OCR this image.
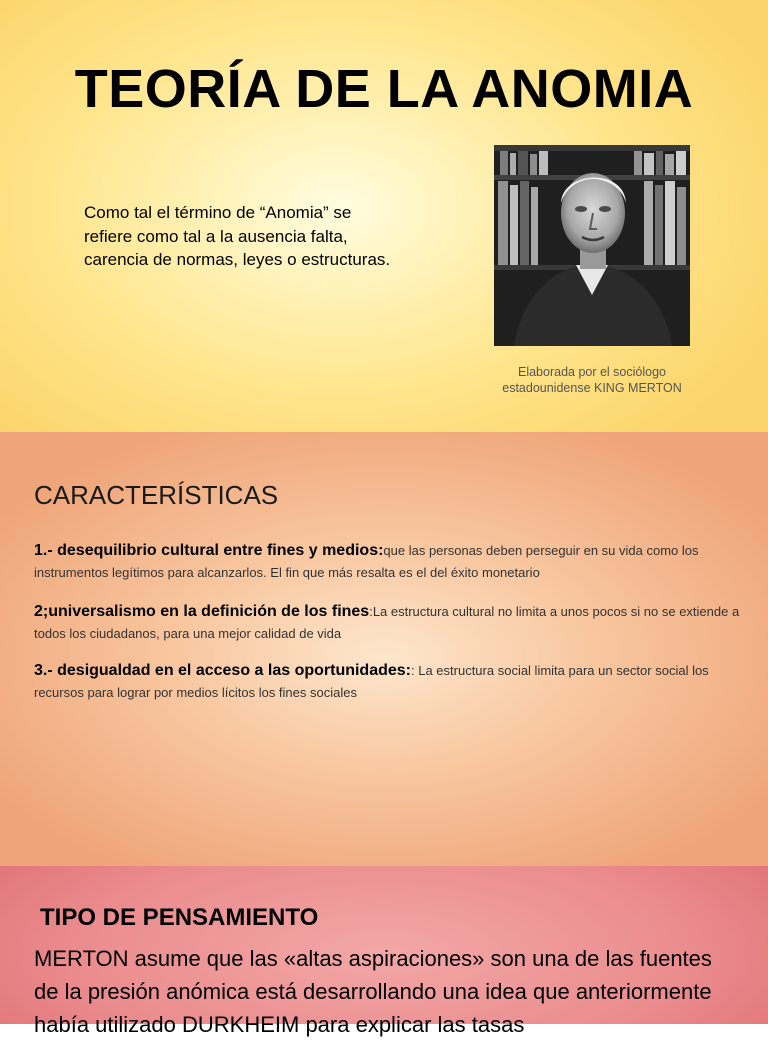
TEORÍA DE LA ANOMIA
Como tal el término de “Anomia” se refiere como tal a la ausencia falta, carencia de normas, leyes o estructuras.
Elaborada por el sociólogo
estadounidense KING MERTON
CARACTERÍSTICAS
1.- desequilibrio cultural entre fines y medios:que las personas deben perseguir en su vida como los instrumentos legítimos para alcanzarlos. El fin que más resalta es el del éxito monetario
2;universalismo en la definición de los fines:La estructura cultural no limita a unos pocos si no se extiende a todos los ciudadanos, para una mejor calidad de vida
3.- desigualdad en el acceso a las oportunidades:: La estructura social limita para un sector social los recursos para lograr por medios lícitos los fines sociales
TIPO DE PENSAMIENTO
MERTON asume que las «altas aspiraciones» son una de las fuentes de la presión anómica está desarrollando una idea que anteriormente había utilizado DURKHEIM para explicar las tasas
